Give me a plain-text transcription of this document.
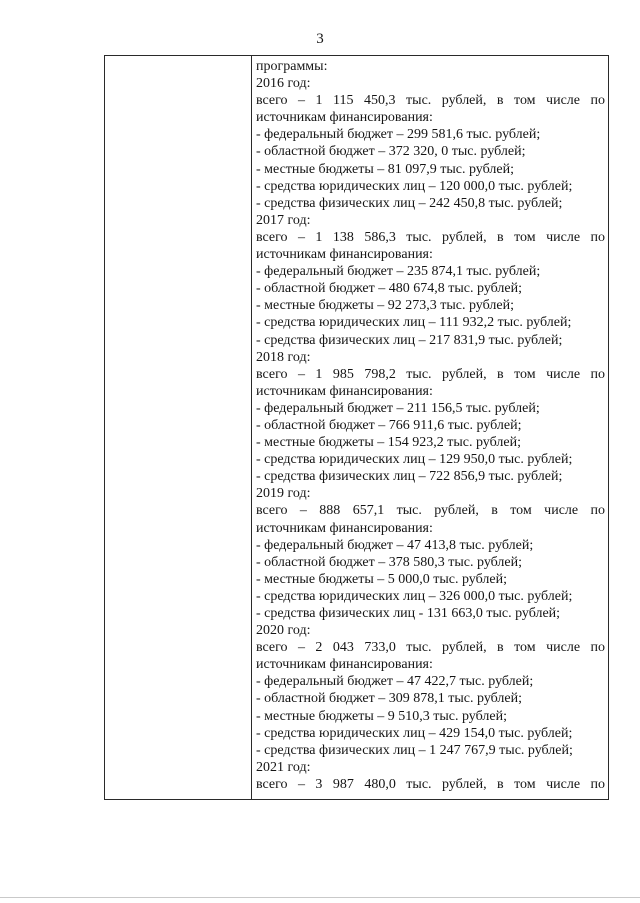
3
программы:
2016 год:
всего – 1 115 450,3 тыс. рублей, в том числе по
источникам финансирования:
- федеральный бюджет – 299 581,6 тыс. рублей;
- областной бюджет – 372 320, 0 тыс. рублей;
- местные бюджеты – 81 097,9 тыс. рублей;
- средства юридических лиц – 120 000,0 тыс. рублей;
- средства физических лиц – 242 450,8 тыс. рублей;
2017 год:
всего – 1 138 586,3 тыс. рублей, в том числе по
источникам финансирования:
- федеральный бюджет – 235 874,1 тыс. рублей;
- областной бюджет – 480 674,8 тыс. рублей;
- местные бюджеты – 92 273,3 тыс. рублей;
- средства юридических лиц – 111 932,2 тыс. рублей;
- средства физических лиц – 217 831,9 тыс. рублей;
2018 год:
всего – 1 985 798,2 тыс. рублей, в том числе по
источникам финансирования:
- федеральный бюджет – 211 156,5 тыс. рублей;
- областной бюджет – 766 911,6 тыс. рублей;
- местные бюджеты – 154 923,2 тыс. рублей;
- средства юридических лиц – 129 950,0 тыс. рублей;
- средства физических лиц – 722 856,9 тыс. рублей;
2019 год:
всего – 888 657,1 тыс. рублей, в том числе по
источникам финансирования:
- федеральный бюджет – 47 413,8 тыс. рублей;
- областной бюджет – 378 580,3 тыс. рублей;
- местные бюджеты – 5 000,0 тыс. рублей;
- средства юридических лиц – 326 000,0 тыс. рублей;
- средства физических лиц - 131 663,0 тыс. рублей;
2020 год:
всего – 2 043 733,0 тыс. рублей, в том числе по
источникам финансирования:
- федеральный бюджет – 47 422,7 тыс. рублей;
- областной бюджет – 309 878,1 тыс. рублей;
- местные бюджеты – 9 510,3 тыс. рублей;
- средства юридических лиц – 429 154,0 тыс. рублей;
- средства физических лиц – 1 247 767,9 тыс. рублей;
2021 год:
всего – 3 987 480,0 тыс. рублей, в том числе по
